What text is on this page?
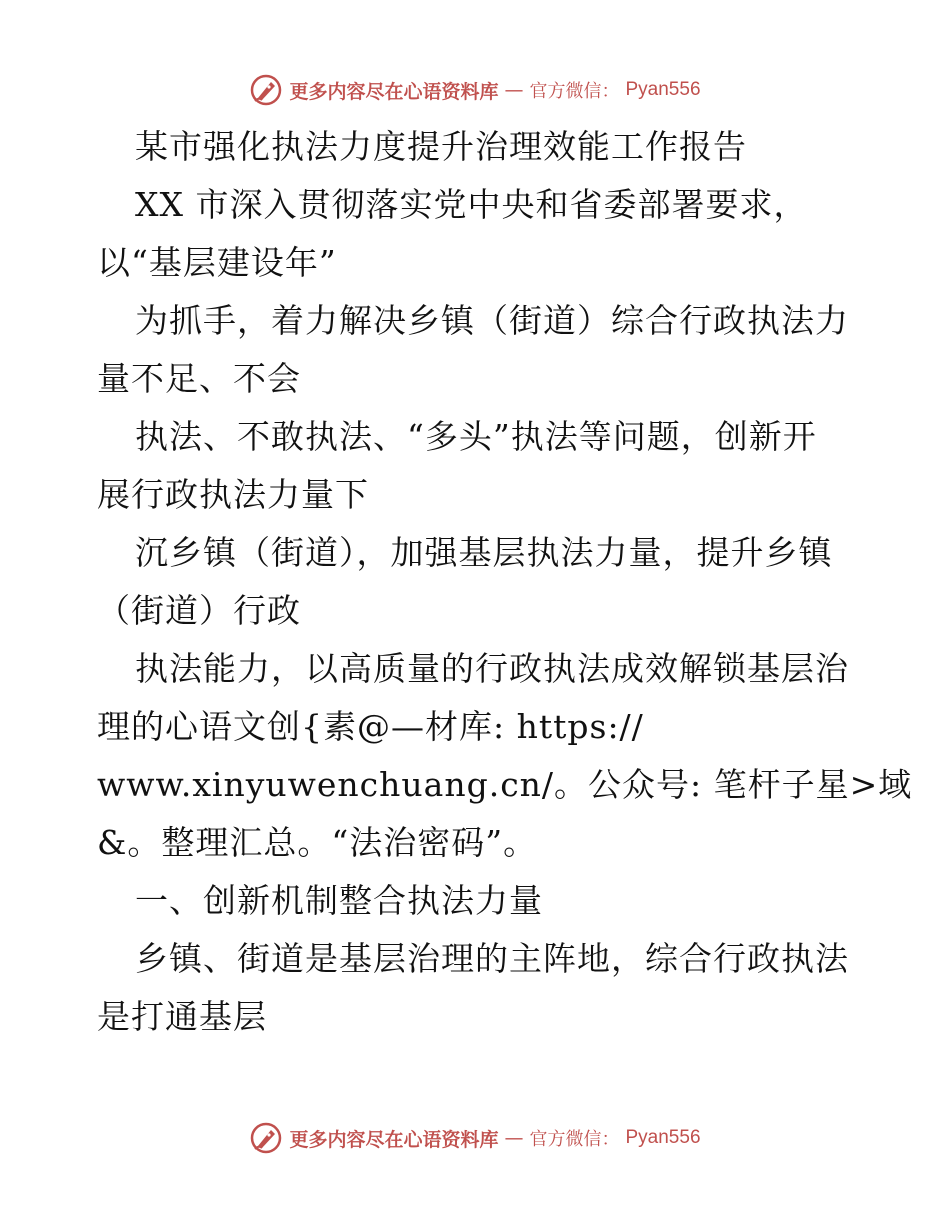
更多内容尽在心语资料库 — 官方微信： Pyan556
某市强化执法力度提升治理效能工作报告
XX 市深入贯彻落实党中央和省委部署要求，
以“基层建设年”
为抓手，着力解决乡镇（街道）综合行政执法力
量不足、不会
执法、不敢执法、“多头”执法等问题，创新开
展行政执法力量下
沉乡镇（街道），加强基层执法力量，提升乡镇
（街道）行政
执法能力，以高质量的行政执法成效解锁基层治
理的心语文创{素@—材库: https://
www.xinyuwenchuang.cn/。公众号: 笔杆子星>域
&。整理汇总。“法治密码”。
一、创新机制整合执法力量
乡镇、街道是基层治理的主阵地，综合行政执法
是打通基层
更多内容尽在心语资料库 — 官方微信： Pyan556
